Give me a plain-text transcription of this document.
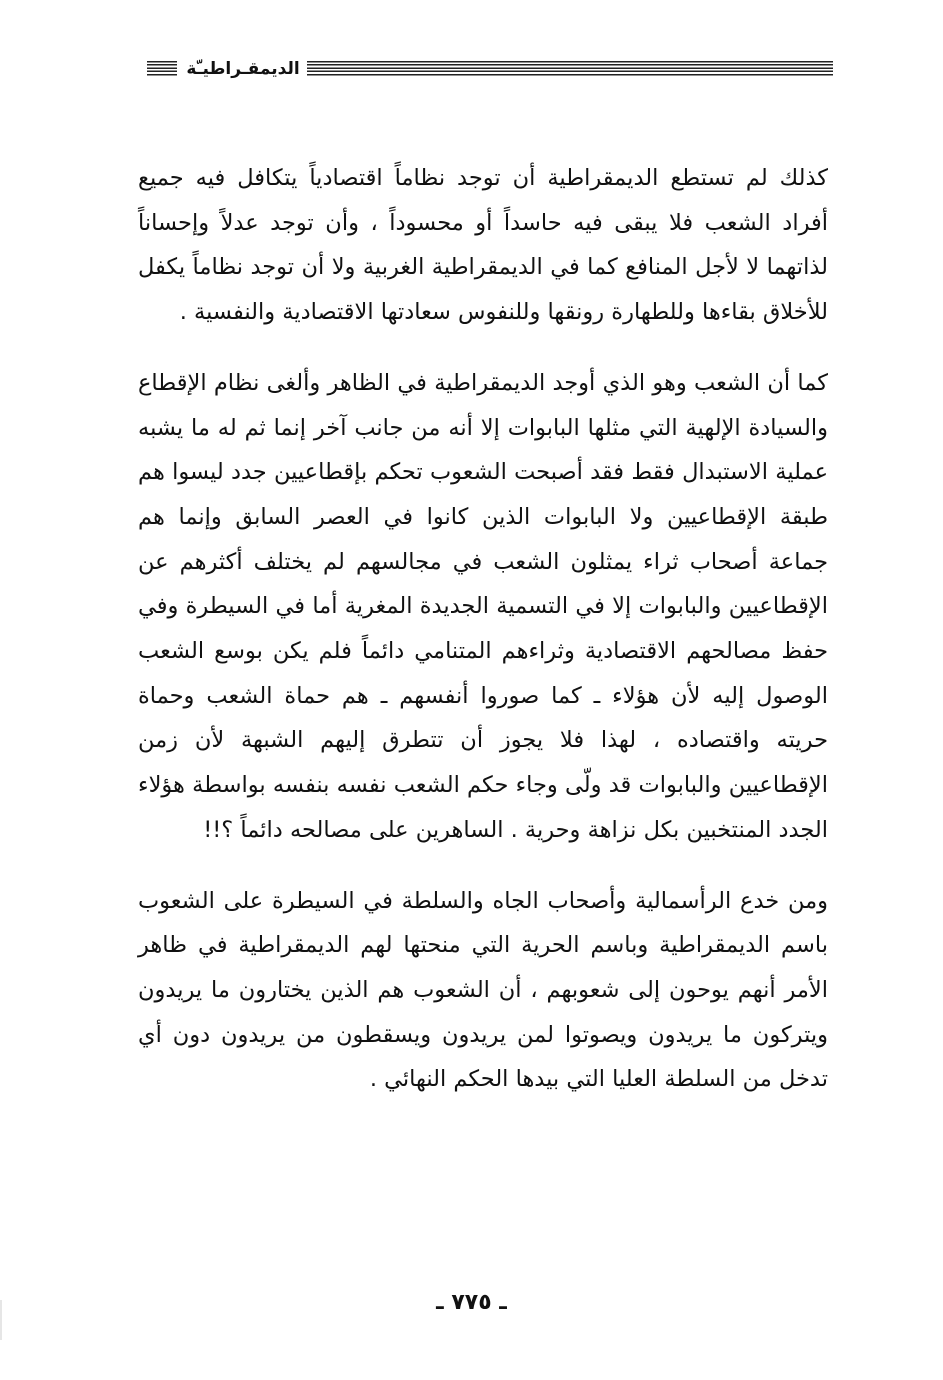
الديمقـراطيـّة

كذلك لم تستطع الديمقراطية أن توجد نظاماً اقتصادياً يتكافل فيه جميع أفراد الشعب فلا يبقى فيه حاسداً أو محسوداً ، وأن توجد عدلاً وإحساناً لذاتهما لا لأجل المنافع كما في الديمقراطية الغربية ولا أن توجد نظاماً يكفل للأخلاق بقاءها وللطهارة رونقها وللنفوس سعادتها الاقتصادية والنفسية .

كما أن الشعب وهو الذي أوجد الديمقراطية في الظاهر وألغى نظام الإقطاع والسيادة الإلهية التي مثلها البابوات إلا أنه من جانب آخر إنما ثم له ما يشبه عملية الاستبدال فقط فقد أصبحت الشعوب تحكم بإقطاعيين جدد ليسوا هم طبقة الإقطاعيين ولا البابوات الذين كانوا في العصر السابق وإنما هم جماعة أصحاب ثراء يمثلون الشعب في مجالسهم لم يختلف أكثرهم عن الإقطاعيين والبابوات إلا في التسمية الجديدة المغرية أما في السيطرة وفي حفظ مصالحهم الاقتصادية وثراءهم المتنامي دائماً فلم يكن بوسع الشعب الوصول إليه لأن هؤلاء ـ كما صوروا أنفسهم ـ هم حماة الشعب وحماة حريته واقتصاده ، لهذا فلا يجوز أن تتطرق إليهم الشبهة لأن زمن الإقطاعيين والبابوات قد ولّى وجاء حكم الشعب نفسه بنفسه بواسطة هؤلاء الجدد المنتخبين بكل نزاهة وحرية . الساهرين على مصالحه دائماً ؟!!

ومن خدع الرأسمالية وأصحاب الجاه والسلطة في السيطرة على الشعوب باسم الديمقراطية وباسم الحرية التي منحتها لهم الديمقراطية في ظاهر الأمر أنهم يوحون إلى شعوبهم ، أن الشعوب هم الذين يختارون ما يريدون ويتركون ما يريدون ويصوتوا لمن يريدون ويسقطون من يريدون دون أي تدخل من السلطة العليا التي بيدها الحكم النهائي .

ـ ٧٧٥ ـ
